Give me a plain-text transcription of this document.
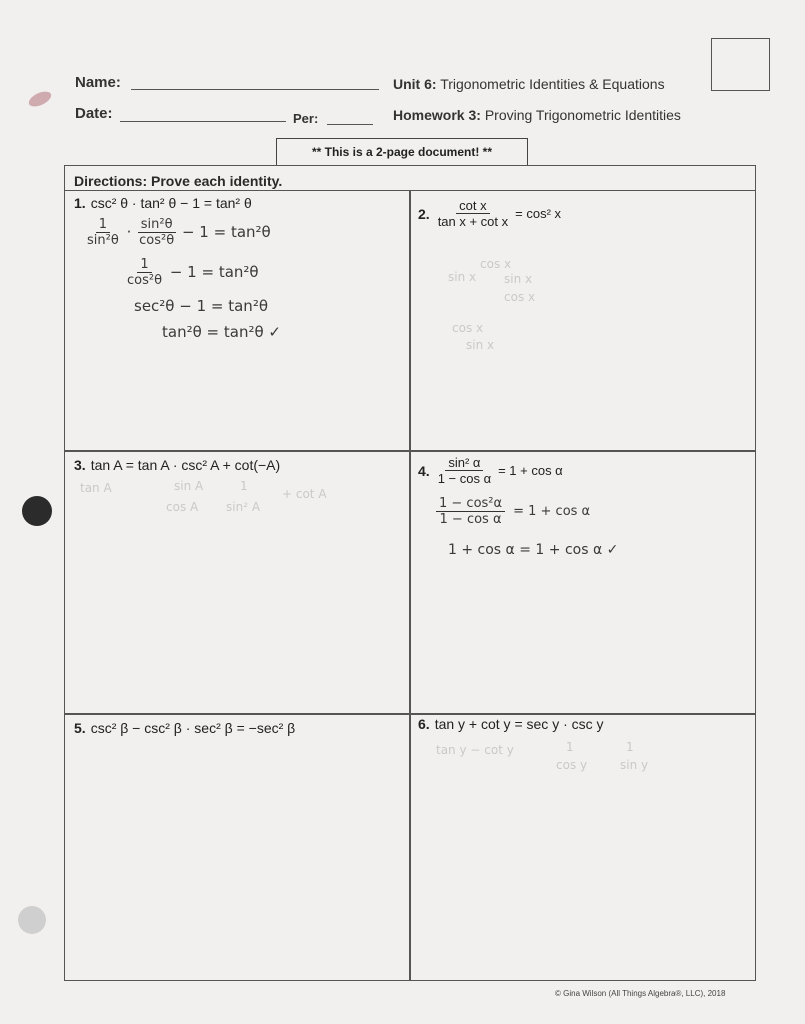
Name:
Date:	Per:
Unit 6: Trigonometric Identities & Equations
Homework 3: Proving Trigonometric Identities
** This is a 2-page document! **
Directions: Prove each identity.
1. csc² θ · tan² θ − 1 = tan² θ
$\frac{1}{\text{sin²θ}} \cdot \frac{\text{sin²θ}}{\text{cos²θ}} - 1 = \tan^2\theta$
$\frac{1}{\text{cos²θ}} - 1 = \tan^2\theta$
sec²θ − 1 = tan²θ
tan²θ = tan²θ ✓
2. $\frac{\text{cot x}}{\text{tan x + cot x}} = \cos^2$ x
cos x
sin x sin x
cos x
cos x
sin x
3. tan A = tan A · csc² A + cot(−A)
tan A	sin A
cos A
1
sin² A
+ cot A
4. $\frac{\text{sin² α}}{\text{1 − cos α}} = 1 + \cos \alpha$
$\frac{\text{1 − cos²α}}{\text{1 − cos α}} = 1 + \cos \alpha$
1 + cos α = 1 + cos α ✓
5. csc² β − csc² β · sec² β = −sec² β	6. tan y + cot y = sec y · csc y
tan y − cot y	1
cos y
1
sin y
© Gina Wilson (All Things Algebra®, LLC), 2018
